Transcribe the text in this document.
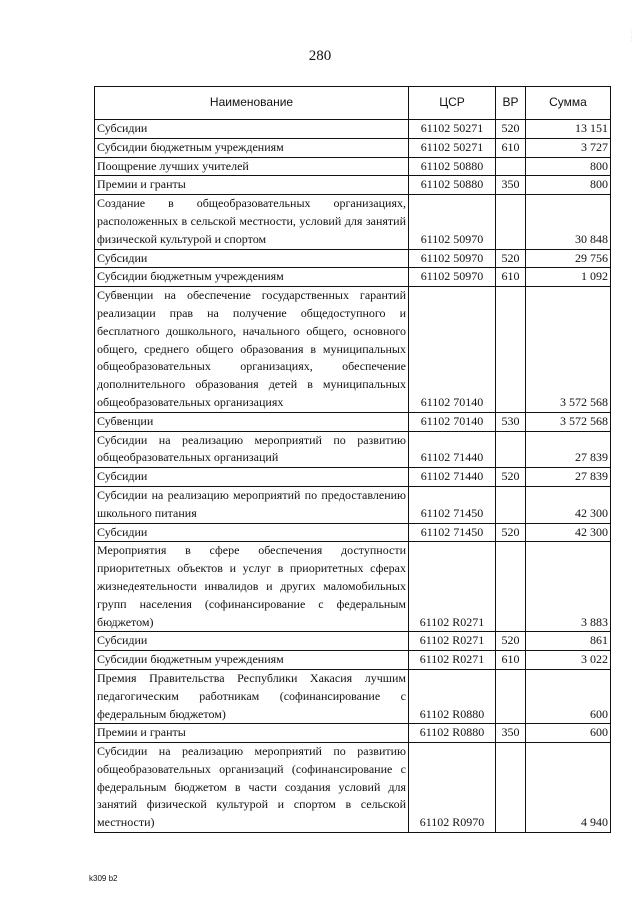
280
… …
Наименование	ЦСР	ВР	Сумма
Субсидии	61102 50271	520	13 151
Субсидии бюджетным учреждениям	61102 50271	610	3 727
Поощрение лучших учителей	61102 50880		800
Премии и гранты	61102 50880	350	800
Создание в общеобразовательных организациях, расположенных в сельской местности, условий для занятий физической культурой и спортом	61102 50970		30 848
Субсидии	61102 50970	520	29 756
Субсидии бюджетным учреждениям	61102 50970	610	1 092
Субвенции на обеспечение государственных гарантий реализации прав на получение общедоступного и бесплатного дошкольного, начального общего, основного общего, среднего общего образования в муниципальных общеобразовательных организациях, обеспечение дополнительного образования детей в муниципальных общеобразовательных организациях	61102 70140		3 572 568
Субвенции	61102 70140	530	3 572 568
Субсидии на реализацию мероприятий по развитию общеобразовательных организаций	61102 71440		27 839
Субсидии	61102 71440	520	27 839
Субсидии на реализацию мероприятий по предоставлению школьного питания	61102 71450		42 300
Субсидии	61102 71450	520	42 300
Мероприятия в сфере обеспечения доступности приоритетных объектов и услуг в приоритетных сферах жизнедеятельности инвалидов и других маломобильных групп населения (софинансирование с федеральным бюджетом)	61102 R0271		3 883
Субсидии	61102 R0271	520	861
Субсидии бюджетным учреждениям	61102 R0271	610	3 022
Премия Правительства Республики Хакасия лучшим педагогическим работникам (софинансирование с федеральным бюджетом)	61102 R0880		600
Премии и гранты	61102 R0880	350	600
Субсидии на реализацию мероприятий по развитию общеобразовательных организаций (софинансирование с федеральным бюджетом в части создания условий для занятий физической культурой и спортом в сельской местности)	61102 R0970		4 940
k309 b2
